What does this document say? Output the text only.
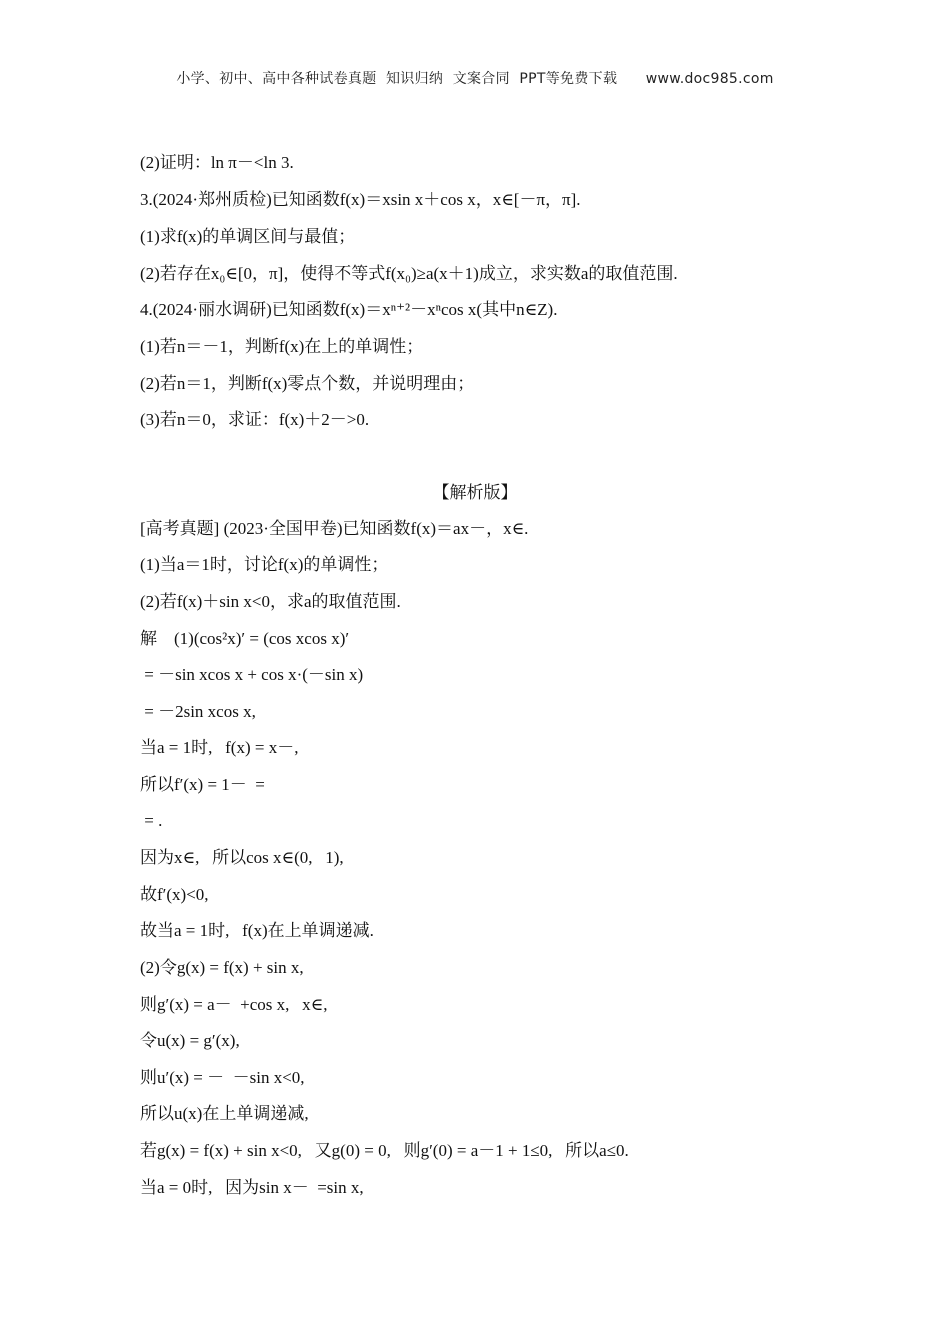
小学、初中、高中各种试卷真题  知识归纳  文案合同  PPT等免费下载      www.doc985.com
(2)证明：ln π－<ln 3.
3.(2024·郑州质检)已知函数f(x)＝xsin x＋cos x，x∈[－π，π].
(1)求f(x)的单调区间与最值；
(2)若存在x₀∈[0，π]，使得不等式f(x₀)≥a(x＋1)成立，求实数a的取值范围.
4.(2024·丽水调研)已知函数f(x)＝xⁿ⁺²－xⁿcos x(其中n∈Z).
(1)若n＝－1，判断f(x)在上的单调性；
(2)若n＝1，判断f(x)零点个数，并说明理由；
(3)若n＝0，求证：f(x)＋2－>0.
【解析版】
[高考真题] (2023·全国甲卷)已知函数f(x)＝ax－，x∈.
(1)当a＝1时，讨论f(x)的单调性；
(2)若f(x)＋sin x<0，求a的取值范围.
解    (1)(cos²x)′ = (cos xcos x)′
= －sin xcos x + cos x·(－sin x)
= －2sin xcos x,
当a = 1时,   f(x) = x－,
所以f′(x) = 1－  =
= .
因为x∈,   所以cos x∈(0,   1),
故f′(x)<0,
故当a = 1时,   f(x)在上单调递减.
(2)令g(x) = f(x) + sin x,
则g′(x) = a－  +cos x,   x∈,
令u(x) = g′(x),
则u′(x) = －  －sin x<0,
所以u(x)在上单调递减,
若g(x) = f(x) + sin x<0,   又g(0) = 0,   则g′(0) = a－1 + 1≤0,   所以a≤0.
当a = 0时,   因为sin x－  =sin x,
